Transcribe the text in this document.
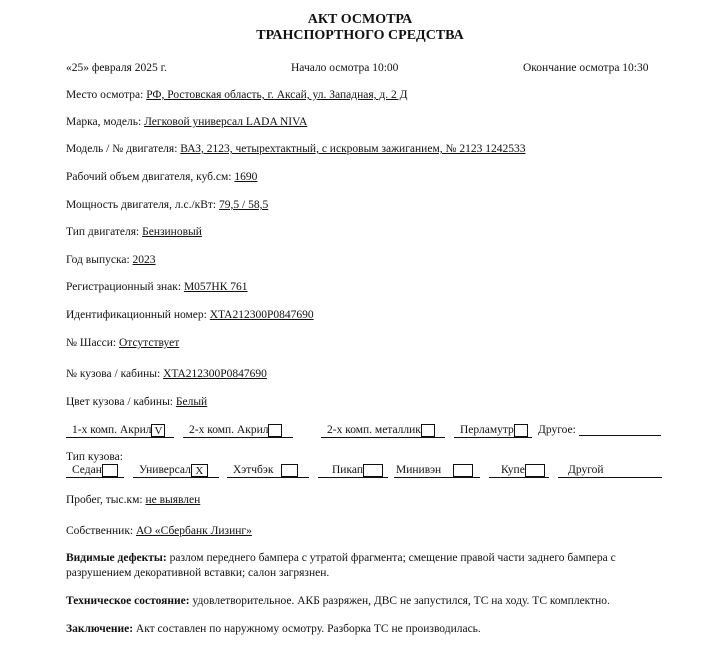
АКТ ОСМОТРА
ТРАНСПОРТНОГО СРЕДСТВА
«25» февраля 2025 г.	Начало осмотра 10:00	Окончание осмотра 10:30
Место осмотра: РФ, Ростовская область, г. Аксай, ул. Западная, д. 2 Д
Марка, модель: Легковой универсал LADA NIVA
Модель / № двигателя: ВАЗ, 2123, четырехтактный, с искровым зажиганием, № 2123 1242533
Рабочий объем двигателя, куб.см: 1690
Мощность двигателя, л.с./кВт: 79,5 / 58,5
Тип двигателя: Бензиновый
Год выпуска: 2023
Регистрационный знак: М057НК 761
Идентификационный номер: XTA212300P0847690
№ Шасси: Отсутствует
№ кузова / кабины: XTA212300P0847690
Цвет кузова / кабины: Белый
1-х комп. Акрил V	2-х комп. Акрил	2-х комп. металлик	Перламутр	Другое:
Тип кузова:
Седан	Универсал X	Хэтчбэк	Пикап	Минивэн	Купе	Другой
Пробег, тыс.км: не выявлен
Собственник: АО «Сбербанк Лизинг»
Видимые дефекты: разлом переднего бампера с утратой фрагмента; смещение правой части заднего бампера с
разрушением декоративной вставки; салон загрязнен.
Техническое состояние: удовлетворительное. АКБ разряжен, ДВС не запустился, ТС на ходу. ТС комплектно.
Заключение: Акт составлен по наружному осмотру. Разборка ТС не производилась.
